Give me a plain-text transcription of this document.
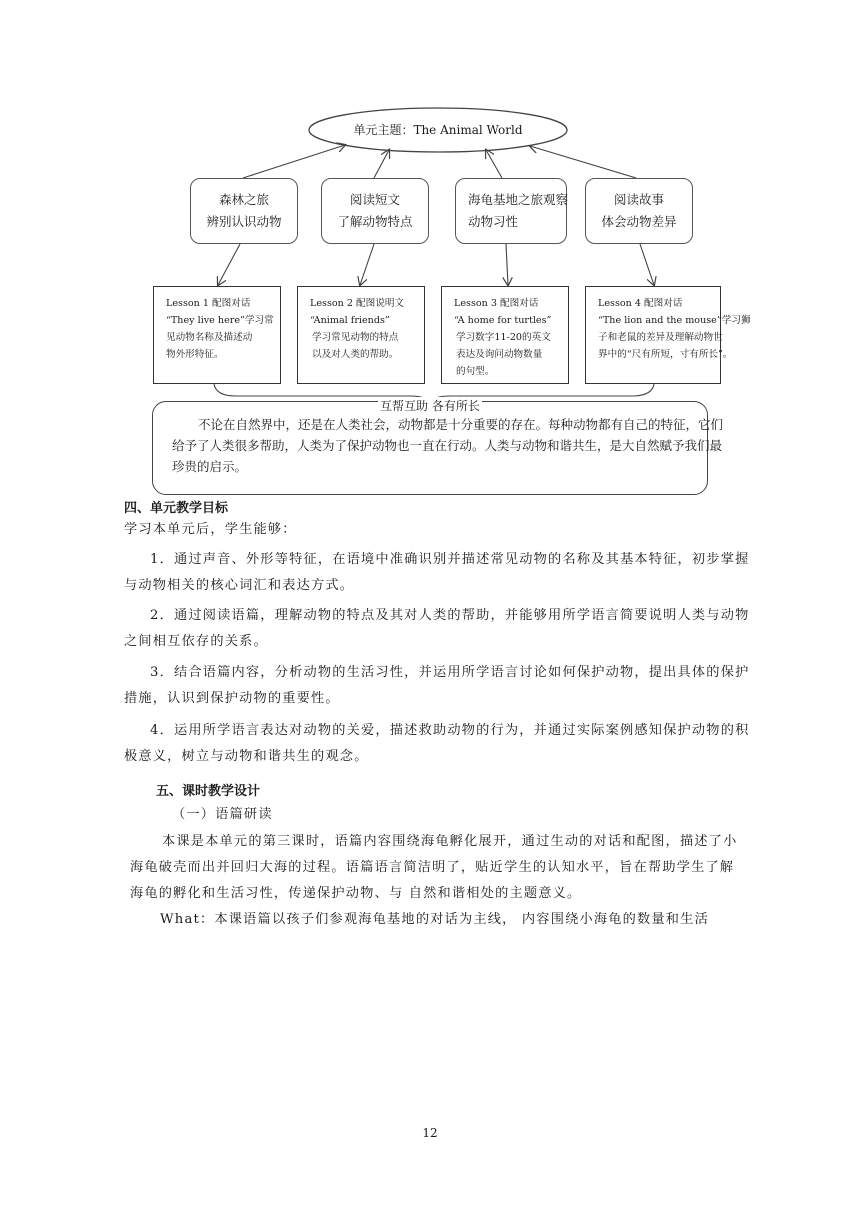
单元主题：The Animal World
森林之旅
辨别认识动物
阅读短文
了解动物特点
海龟基地之旅观察
动物习性
阅读故事
体会动物差异
Lesson 1 配图对话
“They live here”学习常
见动物名称及描述动
物外形特征。
Lesson 2 配图说明文
“Animal friends”
学习常见动物的特点
以及对人类的帮助。
Lesson 3 配图对话
“A home for turtles”
学习数字11-20的英文
表达及询问动物数量
的句型。
Lesson 4 配图对话
“The lion and the mouse”学习狮
子和老鼠的差异及理解动物世
界中的“尺有所短，寸有所长”。
互帮互助 各有所长
不论在自然界中，还是在人类社会，动物都是十分重要的存在。每种动物都有自己的特征，它们给予了人类很多帮助，人类为了保护动物也一直在行动。人类与动物和谐共生，是大自然赋予我们最珍贵的启示。
四、单元教学目标
学习本单元后，学生能够：
1．通过声音、外形等特征，在语境中准确识别并描述常见动物的名称及其基本特征，初步掌握与动物相关的核心词汇和表达方式。
2．通过阅读语篇，理解动物的特点及其对人类的帮助，并能够用所学语言简要说明人类与动物之间相互依存的关系。
3．结合语篇内容，分析动物的生活习性，并运用所学语言讨论如何保护动物，提出具体的保护措施，认识到保护动物的重要性。
4．运用所学语言表达对动物的关爱，描述救助动物的行为，并通过实际案例感知保护动物的积极意义，树立与动物和谐共生的观念。
五、课时教学设计
（一）语篇研读
本课是本单元的第三课时，语篇内容围绕海龟孵化展开，通过生动的对话和配图，描述了小海龟破壳而出并回归大海的过程。语篇语言简洁明了，贴近学生的认知水平，旨在帮助学生了解海龟的孵化和生活习性，传递保护动物、与 自然和谐相处的主题意义。
What：本课语篇以孩子们参观海龟基地的对话为主线， 内容围绕小海龟的数量和生活
12
